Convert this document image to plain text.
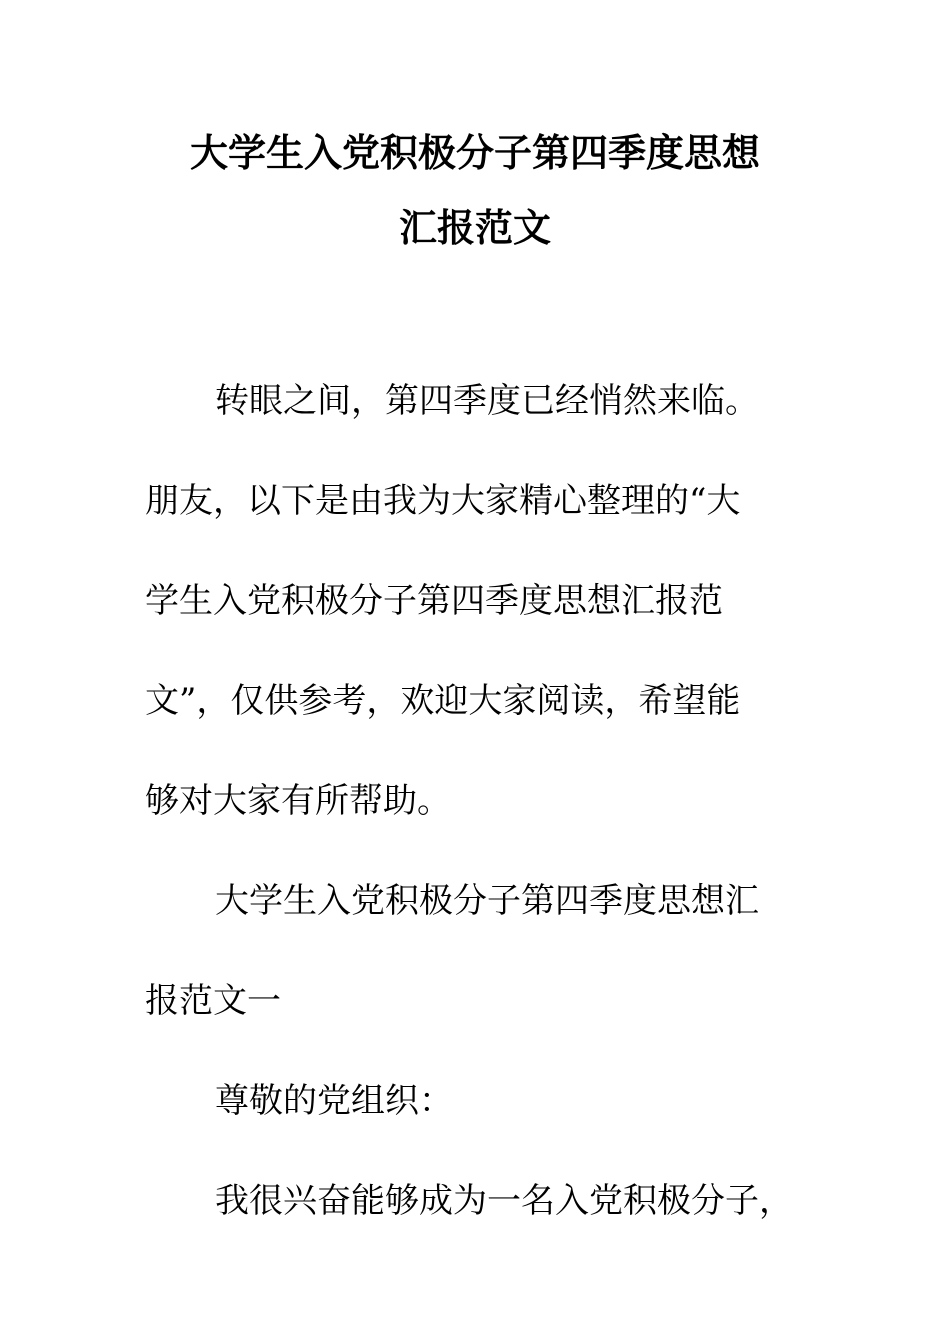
大学生入党积极分子第四季度思想
汇报范文
转眼之间，第四季度已经悄然来临。
朋友，以下是由我为大家精心整理的“大
学生入党积极分子第四季度思想汇报范
文”，仅供参考，欢迎大家阅读，希望能
够对大家有所帮助。
大学生入党积极分子第四季度思想汇
报范文一
尊敬的党组织：
我很兴奋能够成为一名入党积极分子，
